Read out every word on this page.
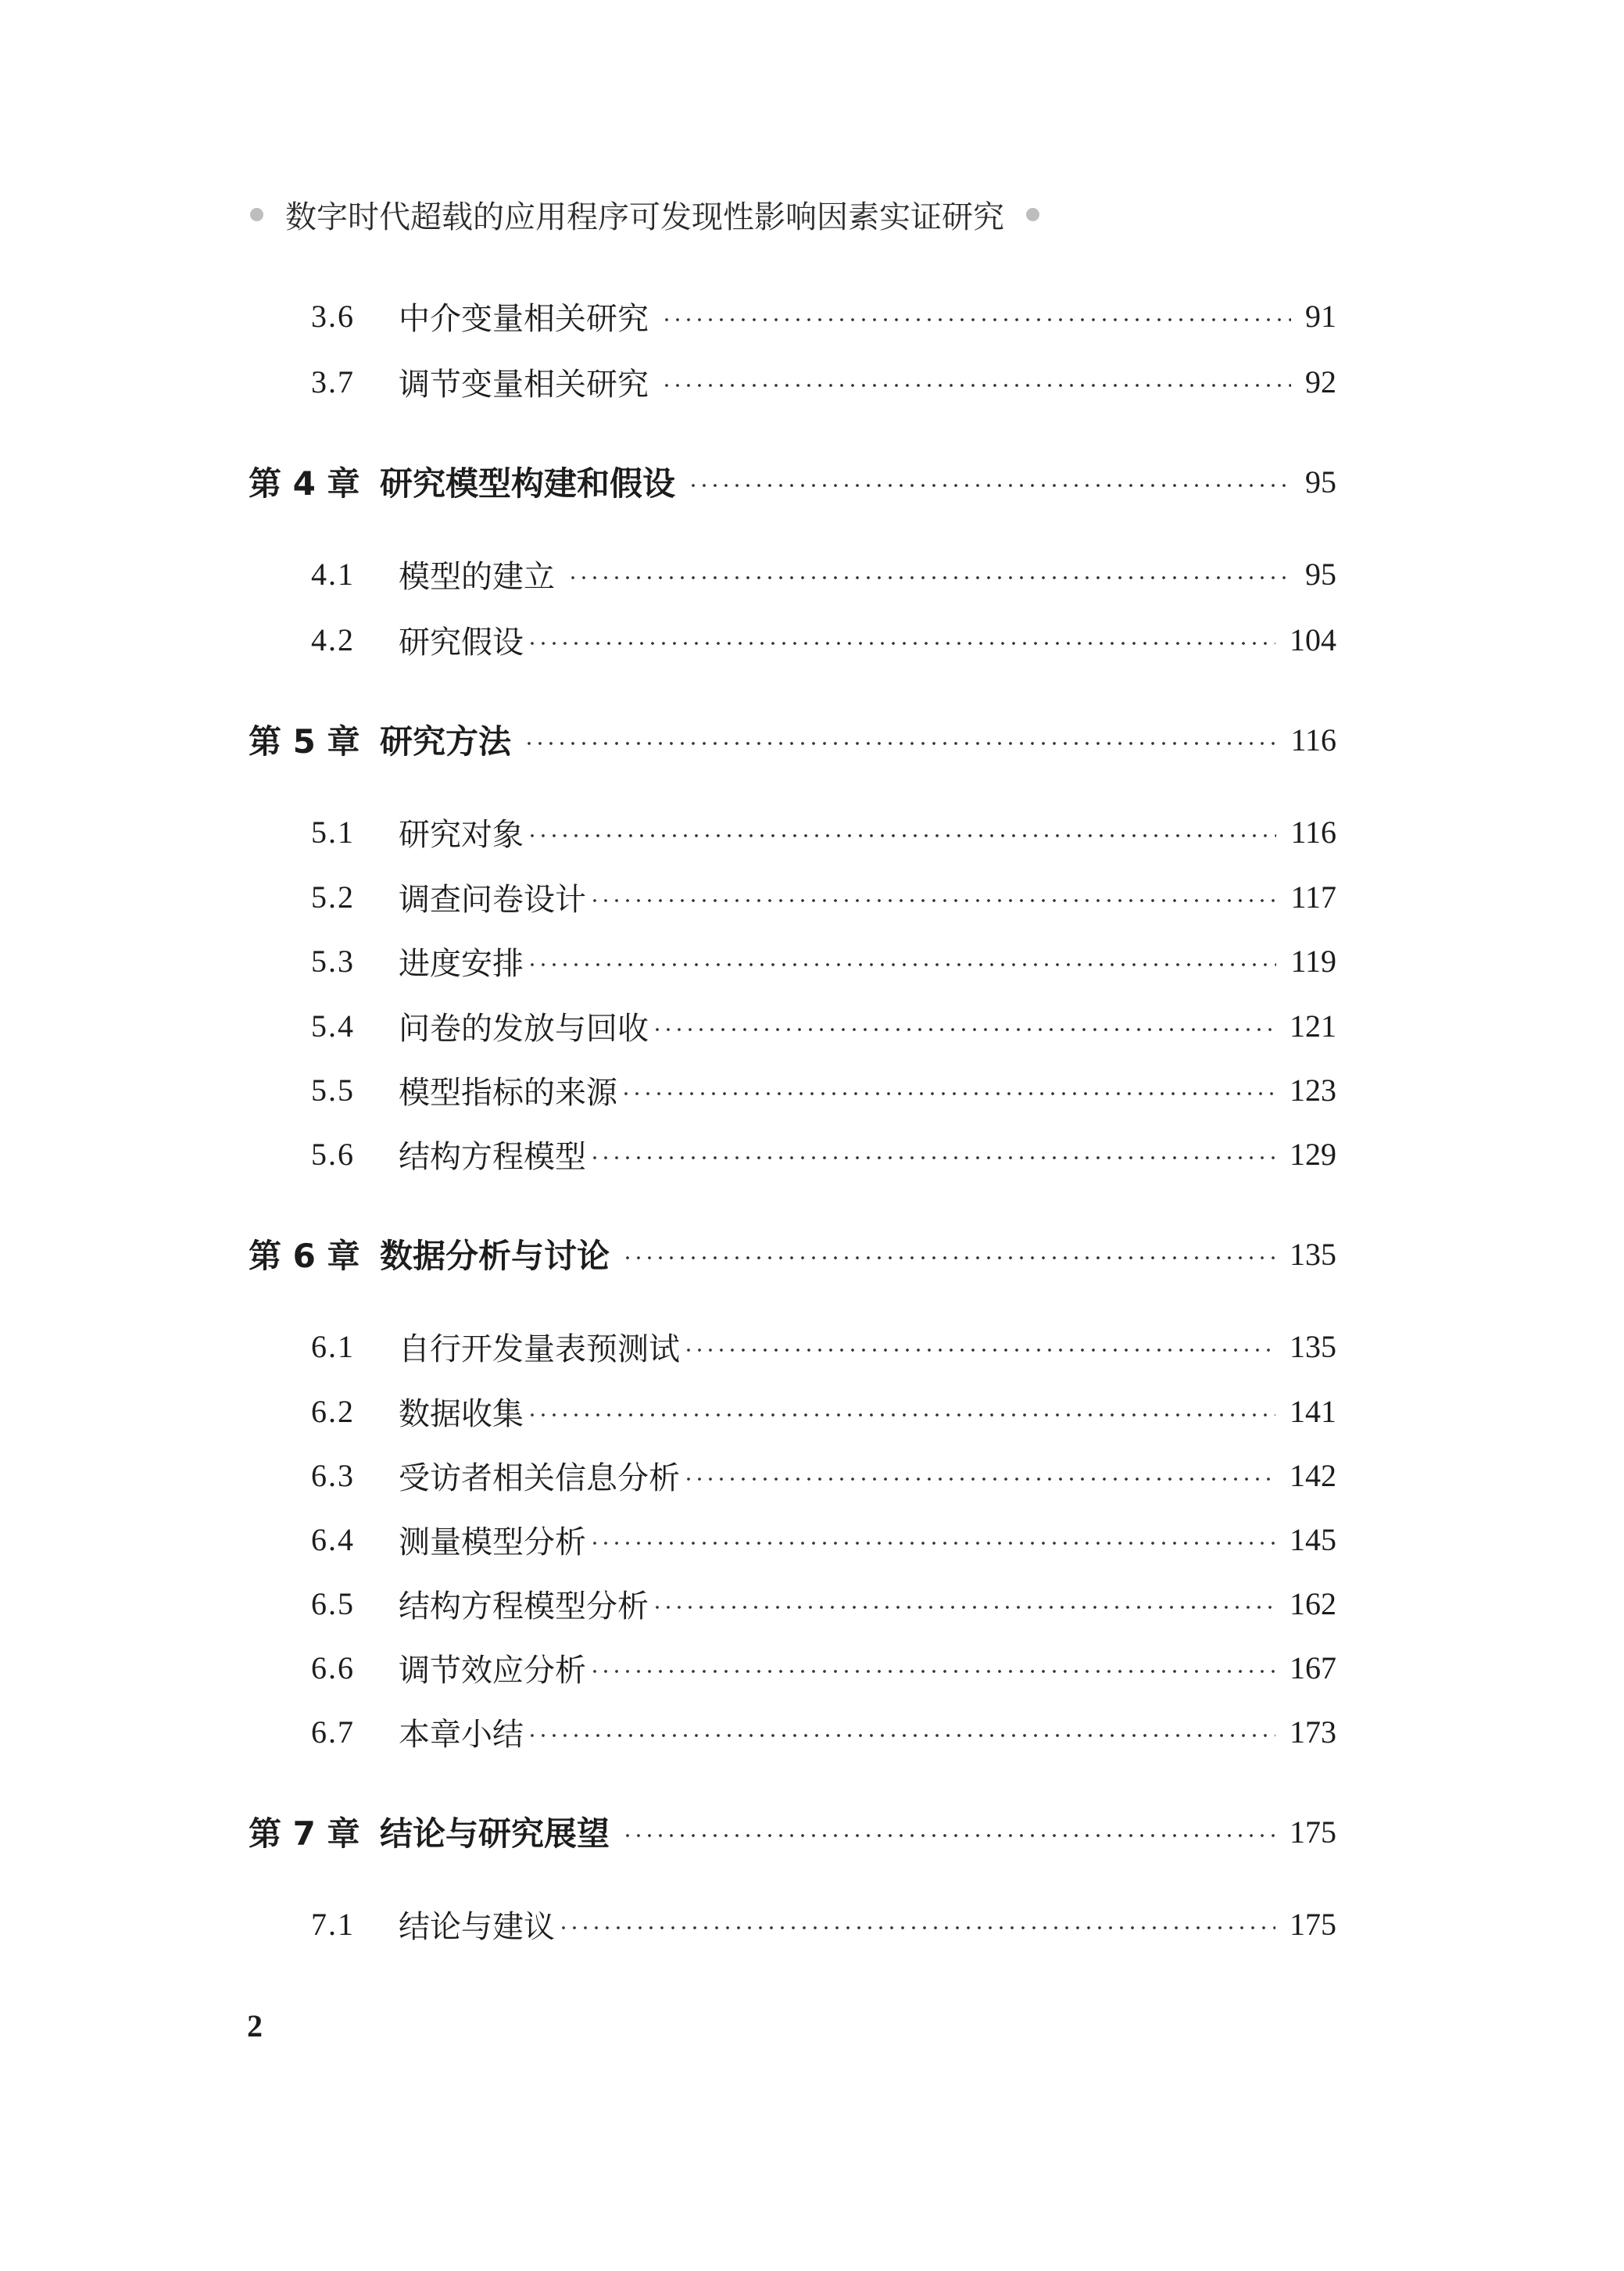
数字时代超载的应用程序可发现性影响因素实证研究
3.6	中介变量相关研究	91
3.7	调节变量相关研究	92
第 4 章 研究模型构建和假设	95
4.1	模型的建立	95
4.2	研究假设	104
第 5 章 研究方法	116
5.1	研究对象	116
5.2	调查问卷设计	117
5.3	进度安排	119
5.4	问卷的发放与回收	121
5.5	模型指标的来源	123
5.6	结构方程模型	129
第 6 章 数据分析与讨论	135
6.1	自行开发量表预测试	135
6.2	数据收集	141
6.3	受访者相关信息分析	142
6.4	测量模型分析	145
6.5	结构方程模型分析	162
6.6	调节效应分析	167
6.7	本章小结	173
第 7 章 结论与研究展望	175
7.1	结论与建议	175
2
